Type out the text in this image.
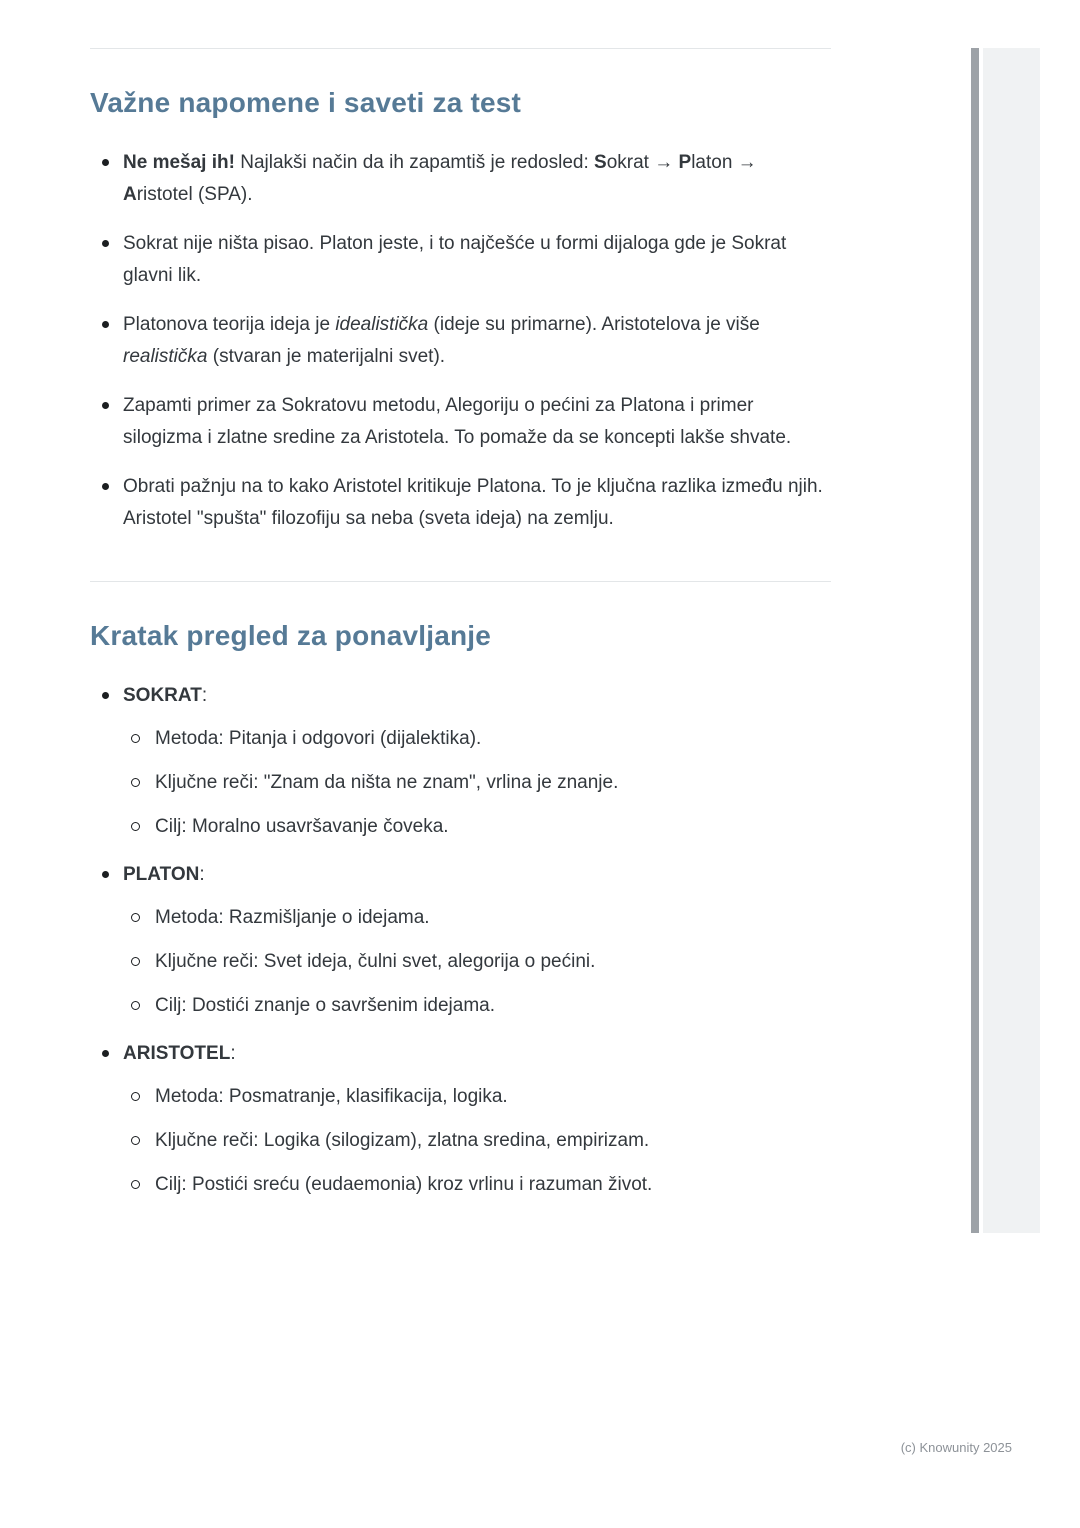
Važne napomene i saveti za test
Ne mešaj ih! Najlakši način da ih zapamtiš je redosled: Sokrat → Platon → Aristotel (SPA).
Sokrat nije ništa pisao. Platon jeste, i to najčešće u formi dijaloga gde je Sokrat glavni lik.
Platonova teorija ideja je idealistička (ideje su primarne). Aristotelova je više realistička (stvaran je materijalni svet).
Zapamti primer za Sokratovu metodu, Alegoriju o pećini za Platona i primer silogizma i zlatne sredine za Aristotela. To pomaže da se koncepti lakše shvate.
Obrati pažnju na to kako Aristotel kritikuje Platona. To je ključna razlika između njih. Aristotel "spušta" filozofiju sa neba (sveta ideja) na zemlju.
Kratak pregled za ponavljanje
SOKRAT:
Metoda: Pitanja i odgovori (dijalektika).
Ključne reči: "Znam da ništa ne znam", vrlina je znanje.
Cilj: Moralno usavršavanje čoveka.
PLATON:
Metoda: Razmišljanje o idejama.
Ključne reči: Svet ideja, čulni svet, alegorija o pećini.
Cilj: Dostići znanje o savršenim idejama.
ARISTOTEL:
Metoda: Posmatranje, klasifikacija, logika.
Ključne reči: Logika (silogizam), zlatna sredina, empirizam.
Cilj: Postići sreću (eudaemonia) kroz vrlinu i razuman život.
(c) Knowunity 2025
